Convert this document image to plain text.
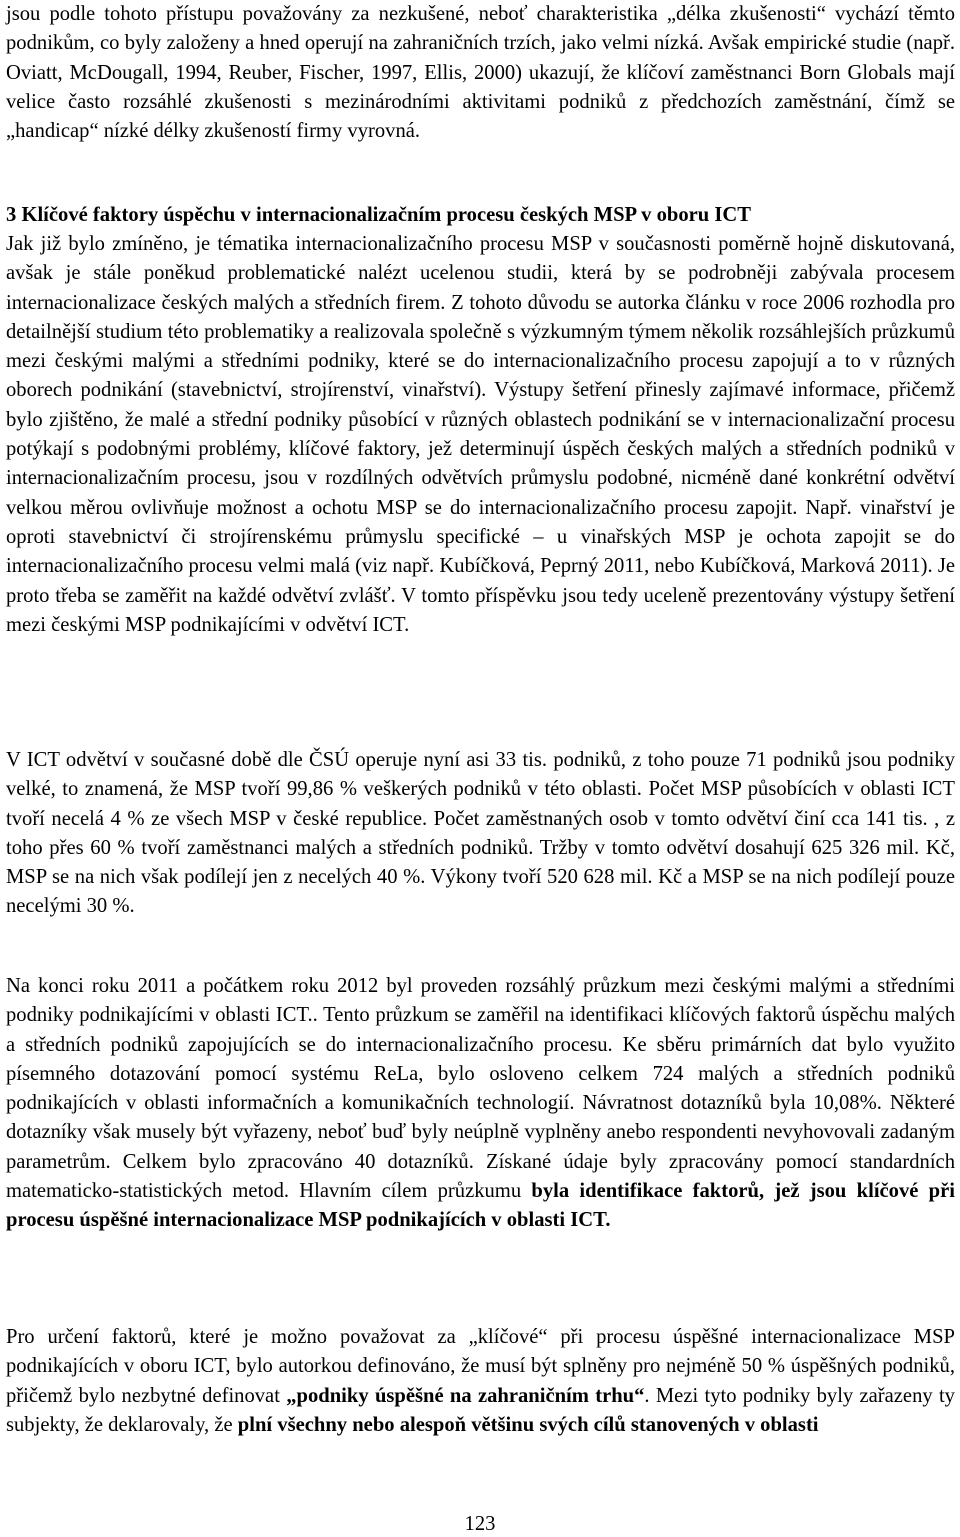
jsou podle tohoto přístupu považovány za nezkušené, neboť charakteristika „délka zkušenosti“ vychází těmto podnikům, co byly založeny a hned operují na zahraničních trzích, jako velmi nízká. Avšak empirické studie (např. Oviatt, McDougall, 1994, Reuber, Fischer, 1997, Ellis, 2000) ukazují, že klíčoví zaměstnanci Born Globals mají velice často rozsáhlé zkušenosti s mezinárodními aktivitami podniků z předchozích zaměstnání, čímž se „handicap“ nízké délky zkušeností firmy vyrovná.

3 Klíčové faktory úspěchu v internacionalizačním procesu českých MSP v oboru ICT

Jak již bylo zmíněno, je tématika internacionalizačního procesu MSP v současnosti poměrně hojně diskutovaná, avšak je stále poněkud problematické nalézt ucelenou studii, která by se podrobněji zabývala procesem internacionalizace českých malých a středních firem. Z tohoto důvodu se autorka článku v roce 2006 rozhodla pro detailnější studium této problematiky a realizovala společně s výzkumným týmem několik rozsáhlejších průzkumů mezi českými malými a středními podniky, které se do internacionalizačního procesu zapojují a to v různých oborech podnikání (stavebnictví, strojírenství, vinařství). Výstupy šetření přinesly zajímavé informace, přičemž bylo zjištěno, že malé a střední podniky působící v různých oblastech podnikání se v internacionalizační procesu potýkají s podobnými problémy, klíčové faktory, jež determinují úspěch českých malých a středních podniků v internacionalizačním procesu, jsou v rozdílných odvětvích průmyslu podobné, nicméně dané konkrétní odvětví velkou měrou ovlivňuje možnost a ochotu MSP se do internacionalizačního procesu zapojit. Např. vinařství je oproti stavebnictví či strojírenskému průmyslu specifické – u vinařských MSP je ochota zapojit se do internacionalizačního procesu velmi malá (viz např. Kubíčková, Peprný 2011, nebo Kubíčková, Marková 2011). Je proto třeba se zaměřit na každé odvětví zvlášť. V tomto příspěvku jsou tedy uceleně prezentovány výstupy šetření mezi českými MSP podnikajícími v odvětví ICT.

V ICT odvětví v současné době dle ČSÚ operuje nyní asi 33 tis. podniků, z toho pouze 71 podniků jsou podniky velké, to znamená, že MSP tvoří 99,86 % veškerých podniků v této oblasti. Počet MSP působících v oblasti ICT tvoří necelá 4 % ze všech MSP v české republice. Počet zaměstnaných osob v tomto odvětví činí cca 141 tis. , z toho přes 60 % tvoří zaměstnanci malých a středních podniků. Tržby v tomto odvětví dosahují 625 326 mil. Kč, MSP se na nich však podílejí jen z necelých 40 %. Výkony tvoří 520 628 mil. Kč a MSP se na nich podílejí pouze necelými 30 %.

Na konci roku 2011 a počátkem roku 2012 byl proveden rozsáhlý průzkum mezi českými malými a středními podniky podnikajícími v oblasti ICT.. Tento průzkum se zaměřil na identifikaci klíčových faktorů úspěchu malých a středních podniků zapojujících se do internacionalizačního procesu. Ke sběru primárních dat bylo využito písemného dotazování pomocí systému ReLa, bylo osloveno celkem 724 malých a středních podniků podnikajících v oblasti informačních a komunikačních technologií. Návratnost dotazníků byla 10,08%. Některé dotazníky však musely být vyřazeny, neboť buď byly neúplně vyplněny anebo respondenti nevyhovovali zadaným parametrům. Celkem bylo zpracováno 40 dotazníků. Získané údaje byly zpracovány pomocí standardních matematicko-statistických metod. Hlavním cílem průzkumu byla identifikace faktorů, jež jsou klíčové při procesu úspěšné internacionalizace MSP podnikajících v oblasti ICT.

Pro určení faktorů, které je možno považovat za „klíčové“ při procesu úspěšné internacionalizace MSP podnikajících v oboru ICT, bylo autorkou definováno, že musí být splněny pro nejméně 50 % úspěšných podniků, přičemž bylo nezbytné definovat „podniky úspěšné na zahraničním trhu“. Mezi tyto podniky byly zařazeny ty subjekty, že deklarovaly, že plní všechny nebo alespoň většinu svých cílů stanovených v oblasti

123
